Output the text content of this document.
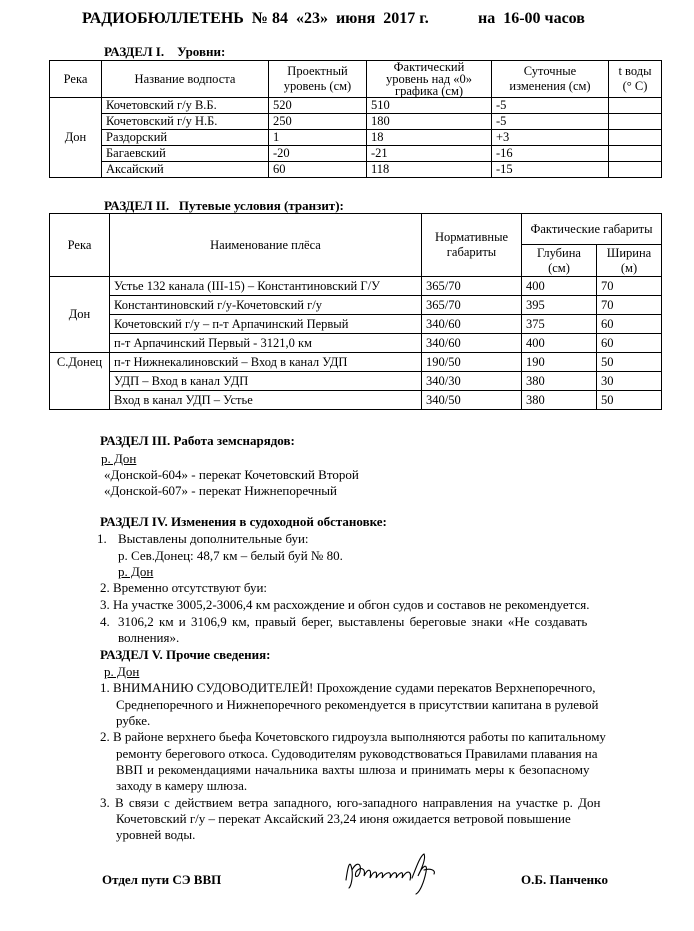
РАДИОБЮЛЛЕТЕНЬ  № 84  «23»  июня  2017 г.	на  16-00 часов
РАЗДЕЛ I.    Уровни:
Река	Название водпоста	Проектный уровень (см)	Фактический уровень над «0» графика (см)	Суточные изменения (см)	t воды (° С)
Дон	Кочетовский г/у В.Б.	520	510	-5	
	Кочетовский г/у Н.Б.	250	180	-5	
	Раздорский	1	18	+3	
	Багаевский	-20	-21	-16	
	Аксайский	60	118	-15	
РАЗДЕЛ II.   Путевые условия (транзит):
Река	Наименование плёса	Нормативные габариты	Фактические габариты	
			Глубина (см)	Ширина (м)
Дон	Устье 132 канала (III-15) – Константиновский Г/У	365/70	400	70
	Константиновский г/у-Кочетовский г/у	365/70	395	70
	Кочетовский г/у – п-т Арпачинский Первый	340/60	375	60
	п-т Арпачинский Первый - 3121,0 км	340/60	400	60
С.Донец	п-т Нижнекалиновский – Вход в канал УДП	190/50	190	50
	УДП – Вход в канал УДП	340/30	380	30
	Вход в канал УДП – Устье	340/50	380	50
РАЗДЕЛ III. Работа земснарядов:
р. Дон
«Донской-604» - перекат Кочетовский Второй
«Донской-607» - перекат Нижнепоречный
РАЗДЕЛ IV. Изменения в судоходной обстановке:
1. Выставлены дополнительные буи:
р. Сев.Донец: 48,7 км – белый буй № 80.
р. Дон
2. Временно отсутствуют буи:
3. На участке 3005,2-3006,4 км расхождение и обгон судов и составов не рекомендуется.
4. 3106,2 км и 3106,9 км, правый берег, выставлены береговые знаки «Не создавать
волнения».
РАЗДЕЛ V. Прочие сведения:
р. Дон
1. ВНИМАНИЮ СУДОВОДИТЕЛЕЙ! Прохождение судами перекатов Верхнепоречного,
Среднепоречного и Нижнепоречного рекомендуется в присутствии капитана в рулевой
рубке.
2. В районе верхнего бьефа Кочетовского гидроузла выполняются работы по капитальному
ремонту берегового откоса. Судоводителям руководствоваться Правилами плавания на
ВВП и рекомендациями начальника вахты шлюза и принимать меры к безопасному
заходу в камеру шлюза.
3. В связи с действием ветра западного, юго-западного направления на участке р. Дон
Кочетовский г/у – перекат Аксайский 23,24 июня ожидается ветровой повышение
уровней воды.
Отдел пути СЭ ВВП	О.Б. Панченко
